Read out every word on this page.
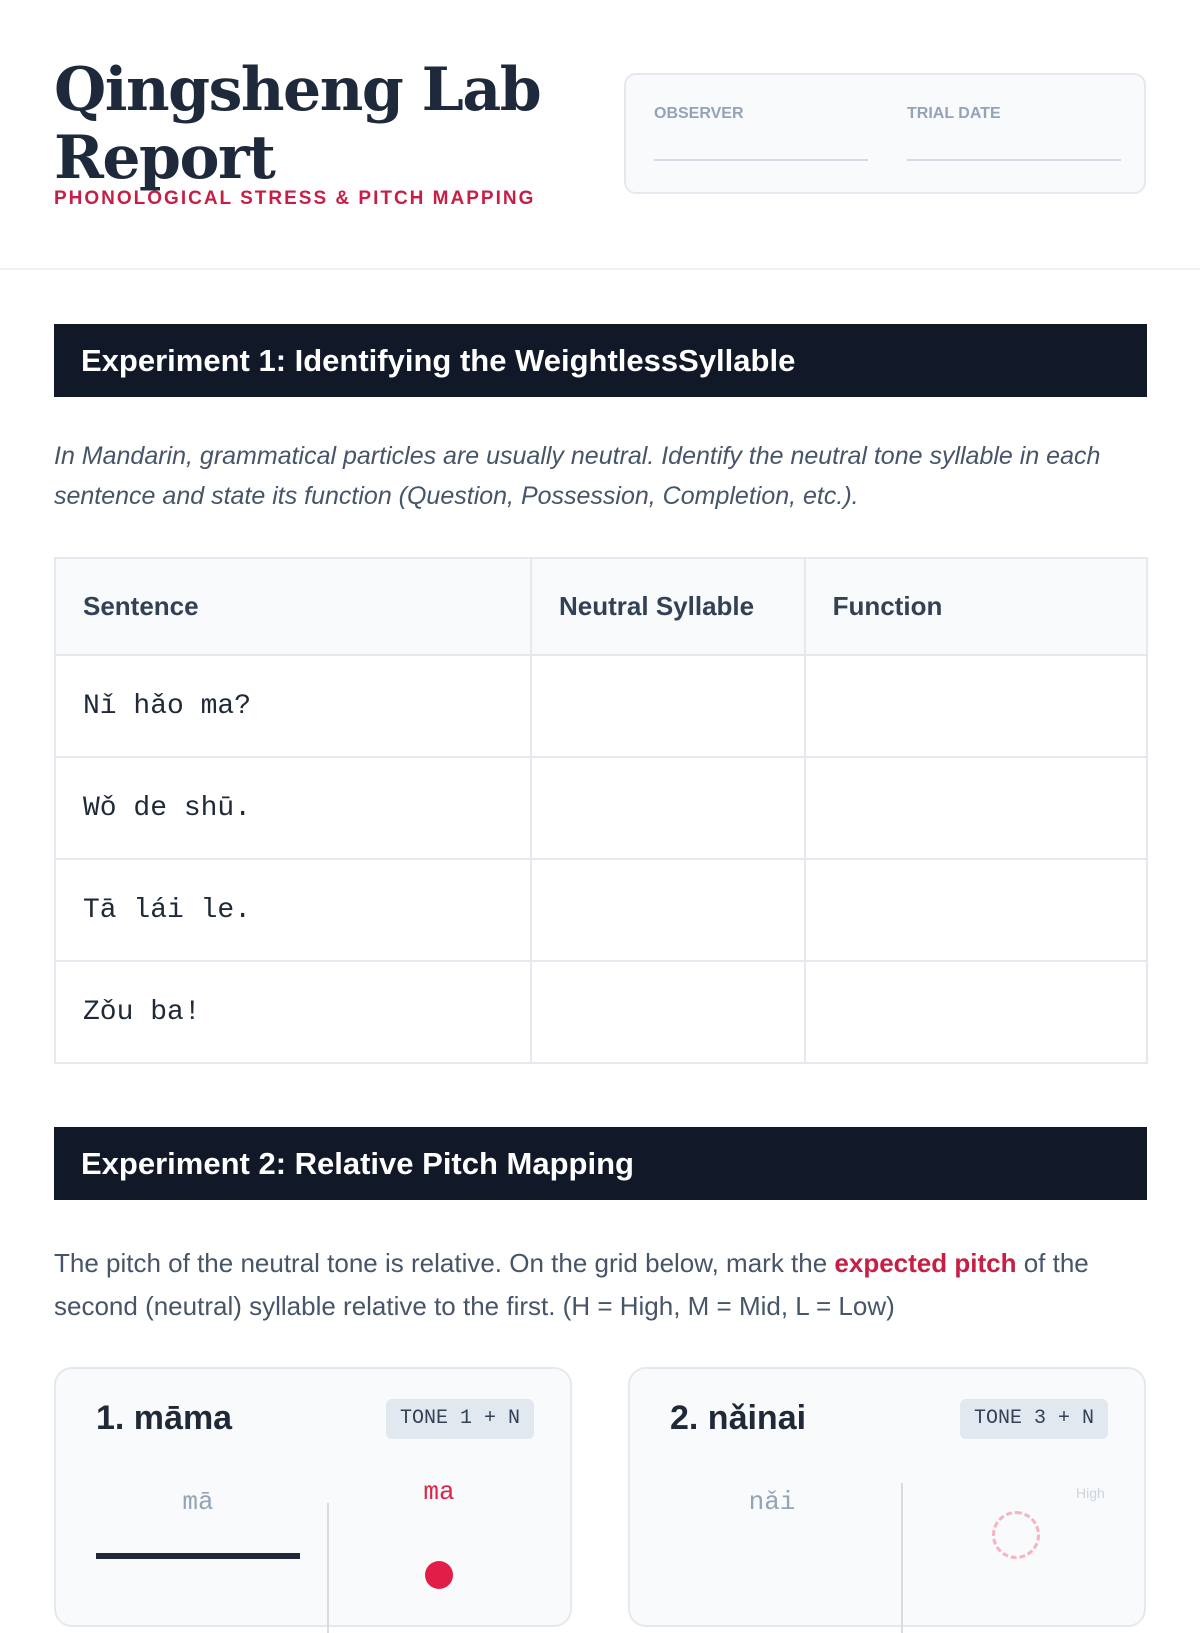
Qingsheng Lab Report
PHONOLOGICAL STRESS & PITCH MAPPING
OBSERVER	TRIAL DATE
Experiment 1: Identifying the WeightlessSyllable

In Mandarin, grammatical particles are usually neutral. Identify the neutral tone syllable in each sentence and state its function (Question, Possession, Completion, etc.).

Sentence	Neutral Syllable	Function
Nǐ hǎo ma?		
Wǒ de shū.		
Tā lái le.		
Zǒu ba!		
Experiment 2: Relative Pitch Mapping

The pitch of the neutral tone is relative. On the grid below, mark the expected pitch of the second (neutral) syllable relative to the first. (H = High, M = Mid, L = Low)

1. māma	TONE 1 + N
mā	ma
2. nǎinai	TONE 3 + N
nǎi	High
